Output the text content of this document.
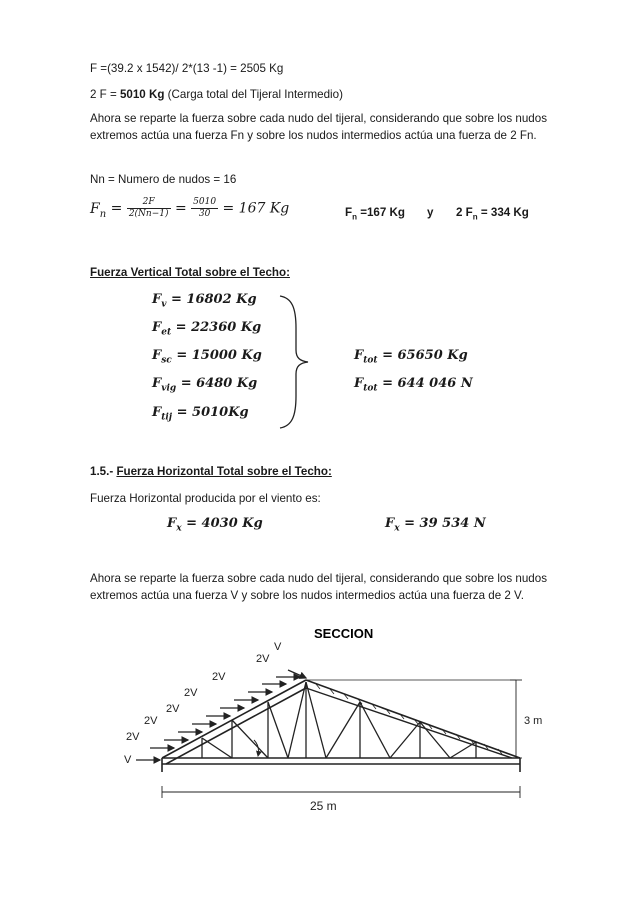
F =(39.2 x 1542)/ 2*(13 -1) = 2505 Kg
2 F = 5010 Kg (Carga total del Tijeral Intermedio)
Ahora se reparte la fuerza sobre cada nudo del tijeral, considerando que sobre los nudos extremos actúa una fuerza Fn y sobre los nudos intermedios actúa una fuerza de 2 Fn.
Nn = Numero de nudos = 16
$F_n = \frac{2F}{2(Nn-1)} = \frac{5010}{30} = 167$ Kg	$F_n =167$ Kg y 2 $F_n = 334$ Kg
Fuerza Vertical Total sobre el Techo:
$F_v = 16802$ Kg
$F_{et} = 22360$ Kg
$F_{sc} = 15000$ Kg
$F_{vig} = 6480$ Kg
$F_{tij} = 5010Kg$
$F_{tot} = 65650$ Kg
$F_{tot} = 644$ 046 N
1.5.- Fuerza Horizontal Total sobre el Techo:
Fuerza Horizontal producida por el viento es:
$F_x = 4030$ Kg	$F_x = 39$ 534 N
Ahora se reparte la fuerza sobre cada nudo del tijeral, considerando que sobre los nudos extremos actúa una fuerza V y sobre los nudos intermedios actúa una fuerza de 2 V.
SECCION
V
2V
2V
2V
2V
2V
2V
V
3 m
25 m
